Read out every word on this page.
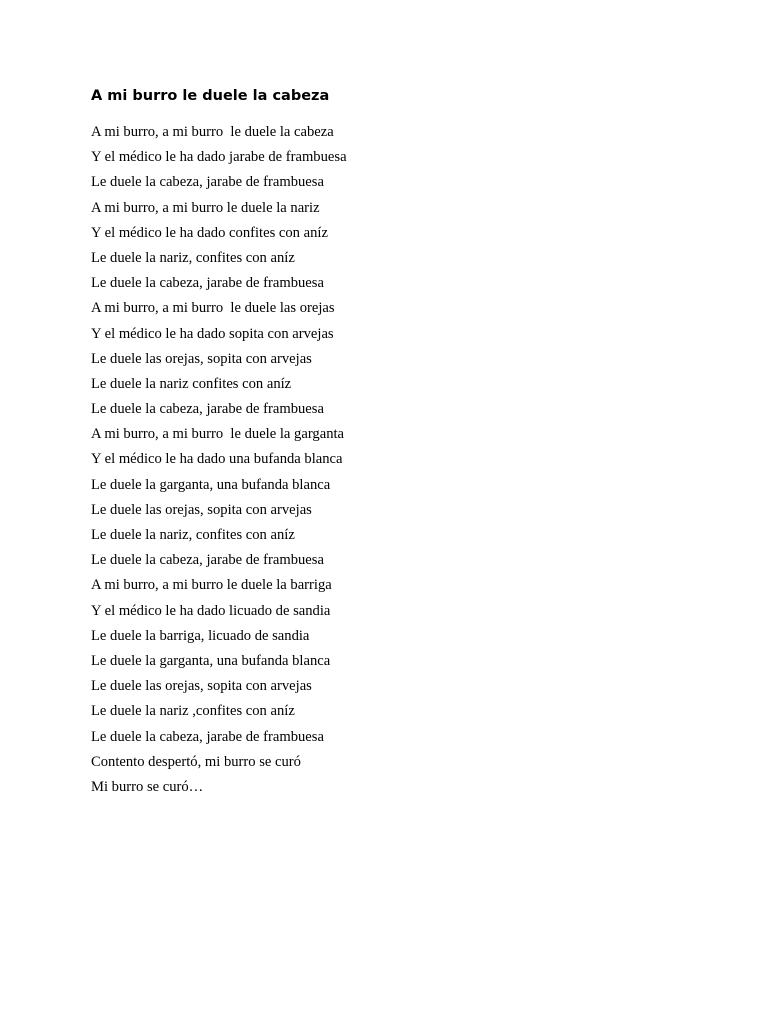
A mi burro le duele la cabeza
A mi burro, a mi burro  le duele la cabeza
Y el médico le ha dado jarabe de frambuesa
Le duele la cabeza, jarabe de frambuesa
A mi burro, a mi burro le duele la nariz
Y el médico le ha dado confites con aníz
Le duele la nariz, confites con aníz
Le duele la cabeza, jarabe de frambuesa
A mi burro, a mi burro  le duele las orejas
Y el médico le ha dado sopita con arvejas
Le duele las orejas, sopita con arvejas
Le duele la nariz confites con aníz
Le duele la cabeza, jarabe de frambuesa
A mi burro, a mi burro  le duele la garganta
Y el médico le ha dado una bufanda blanca
Le duele la garganta, una bufanda blanca
Le duele las orejas, sopita con arvejas
Le duele la nariz, confites con aníz
Le duele la cabeza, jarabe de frambuesa
A mi burro, a mi burro le duele la barriga
Y el médico le ha dado licuado de sandia
Le duele la barriga, licuado de sandia
Le duele la garganta, una bufanda blanca
Le duele las orejas, sopita con arvejas
Le duele la nariz ,confites con aníz
Le duele la cabeza, jarabe de frambuesa
Contento despertó, mi burro se curó
Mi burro se curó…
